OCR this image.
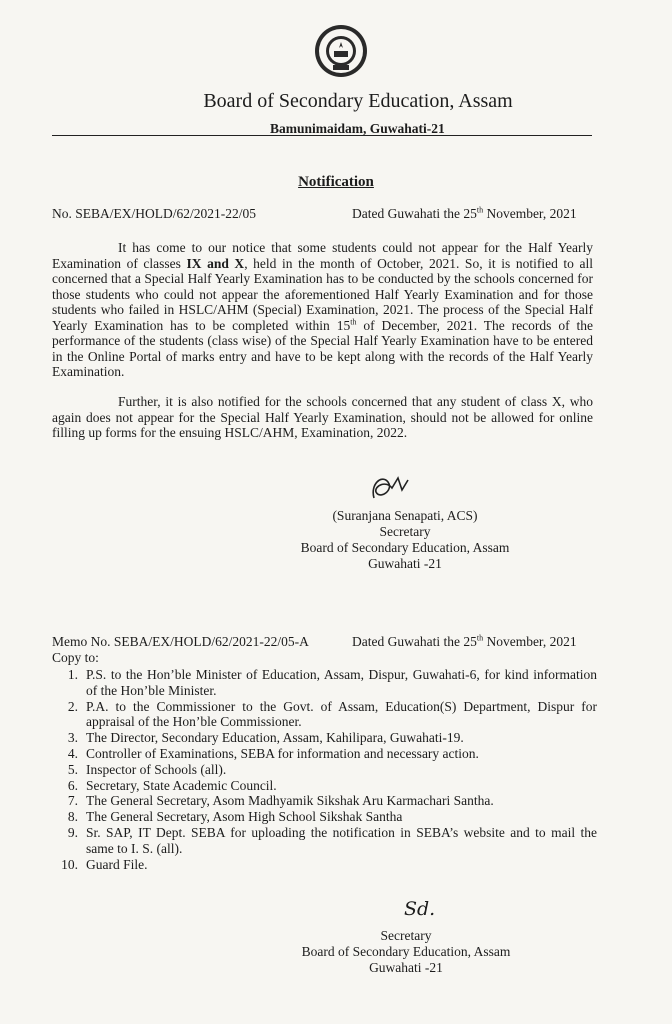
Board of Secondary Education, Assam
Bamunimaidam, Guwahati-21
Notification
No. SEBA/EX/HOLD/62/2021-22/05	Dated Guwahati the 25th November, 2021

It has come to our notice that some students could not appear for the Half Yearly Examination of classes IX and X, held in the month of October, 2021. So, it is notified to all concerned that a Special Half Yearly Examination has to be conducted by the schools concerned for those students who could not appear the aforementioned Half Yearly Examination and for those students who failed in HSLC/AHM (Special) Examination, 2021. The process of the Special Half Yearly Examination has to be completed within 15th of December, 2021. The records of the performance of the students (class wise) of the Special Half Yearly Examination have to be entered in the Online Portal of marks entry and have to be kept along with the records of the Half Yearly Examination.

Further, it is also notified for the schools concerned that any student of class X, who again does not appear for the Special Half Yearly Examination, should not be allowed for online filling up forms for the ensuing HSLC/AHM, Examination, 2022.

(Suranjana Senapati, ACS)
Secretary
Board of Secondary Education, Assam
Guwahati -21
Memo No. SEBA/EX/HOLD/62/2021-22/05-A	Dated Guwahati the 25th November, 2021
Copy to:
1. P.S. to the Hon’ble Minister of Education, Assam, Dispur, Guwahati-6, for kind information of the Hon’ble Minister.
2. P.A. to the Commissioner to the Govt. of Assam, Education(S) Department, Dispur for appraisal of the Hon’ble Commissioner.
3. The Director, Secondary Education, Assam, Kahilipara, Guwahati-19.
4. Controller of Examinations, SEBA for information and necessary action.
5. Inspector of Schools (all).
6. Secretary, State Academic Council.
7. The General Secretary, Asom Madhyamik Sikshak Aru Karmachari Santha.
8. The General Secretary, Asom High School Sikshak Santha
9. Sr. SAP, IT Dept. SEBA for uploading the notification in SEBA’s website and to mail the same to I. S. (all).
10. Guard File.
Sd.
Secretary
Board of Secondary Education, Assam
Guwahati -21
